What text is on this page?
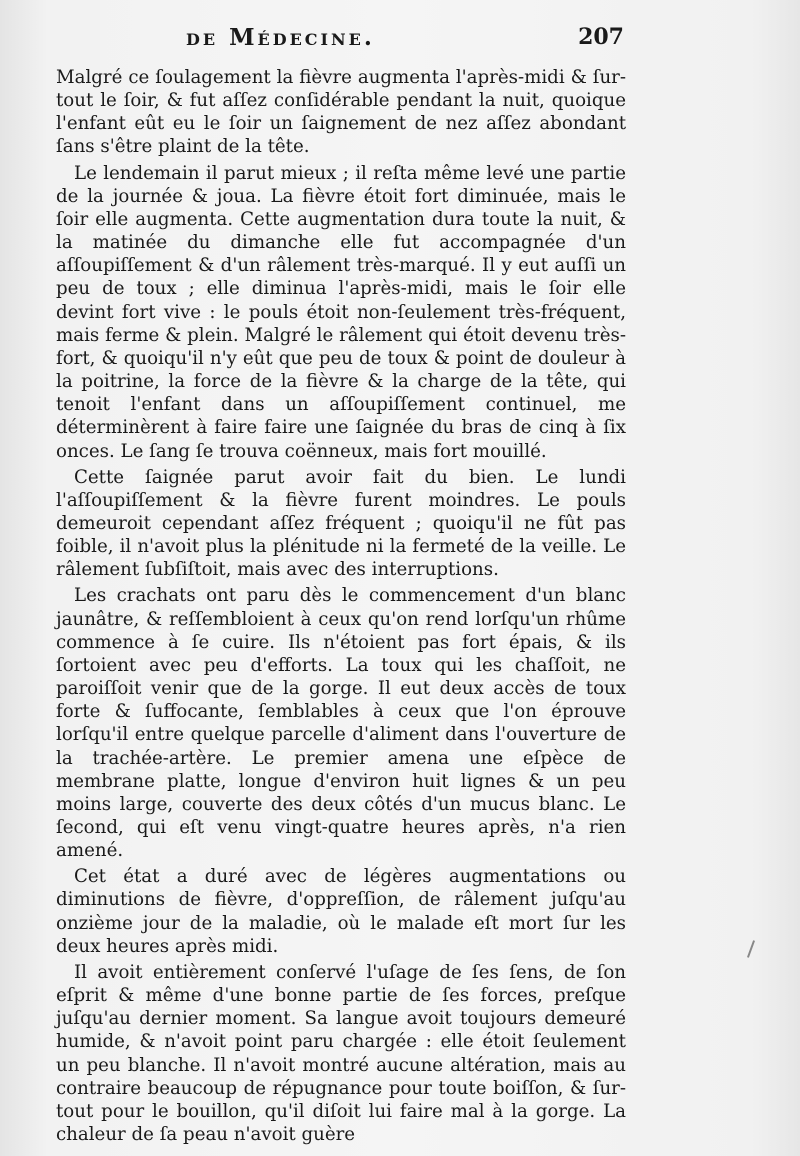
de Médecine.	207

Malgré ce ſoulagement la fièvre augmenta l'après-midi & ſur-tout le ſoir, & fut aſſez conſidérable pendant la nuit, quoique l'enfant eût eu le ſoir un ſaignement de nez aſſez abondant ſans s'être plaint de la tête.

Le lendemain il parut mieux ; il reſta même levé une partie de la journée & joua. La fièvre étoit fort diminuée, mais le ſoir elle augmenta. Cette augmentation dura toute la nuit, & la matinée du dimanche elle fut accompagnée d'un aſſoupiſſement & d'un râlement très-marqué. Il y eut auſſi un peu de toux ; elle diminua l'après-midi, mais le ſoir elle devint fort vive : le pouls étoit non-ſeulement très-fréquent, mais ferme & plein. Malgré le râlement qui étoit devenu très-fort, & quoiqu'il n'y eût que peu de toux & point de douleur à la poitrine, la force de la fièvre & la charge de la tête, qui tenoit l'enfant dans un aſſoupiſſement continuel, me déterminèrent à faire faire une ſaignée du bras de cinq à ſix onces. Le ſang ſe trouva coënneux, mais fort mouillé.

Cette ſaignée parut avoir fait du bien. Le lundi l'aſſoupiſſement & la fièvre furent moindres. Le pouls demeuroit cependant aſſez fréquent ; quoiqu'il ne fût pas foible, il n'avoit plus la plénitude ni la fermeté de la veille. Le râlement ſubſiſtoit, mais avec des interruptions.

Les crachats ont paru dès le commencement d'un blanc jaunâtre, & reſſembloient à ceux qu'on rend lorſqu'un rhûme commence à ſe cuire. Ils n'étoient pas fort épais, & ils ſortoient avec peu d'efforts. La toux qui les chaſſoit, ne paroiſſoit venir que de la gorge. Il eut deux accès de toux forte & ſuffocante, ſemblables à ceux que l'on éprouve lorſqu'il entre quelque parcelle d'aliment dans l'ouverture de la trachée-artère. Le premier amena une eſpèce de membrane platte, longue d'environ huit lignes & un peu moins large, couverte des deux côtés d'un mucus blanc. Le ſecond, qui eſt venu vingt-quatre heures après, n'a rien amené.

Cet état a duré avec de légères augmentations ou diminutions de fièvre, d'oppreſſion, de râlement juſqu'au onzième jour de la maladie, où le malade eſt mort ſur les deux heures après midi.

Il avoit entièrement conſervé l'uſage de ſes ſens, de ſon eſprit & même d'une bonne partie de ſes forces, preſque juſqu'au dernier moment. Sa langue avoit toujours demeuré humide, & n'avoit point paru chargée : elle étoit ſeulement un peu blanche. Il n'avoit montré aucune altération, mais au contraire beaucoup de répugnance pour toute boiſſon, & ſur-tout pour le bouillon, qu'il diſoit lui faire mal à la gorge. La chaleur de ſa peau n'avoit guère
